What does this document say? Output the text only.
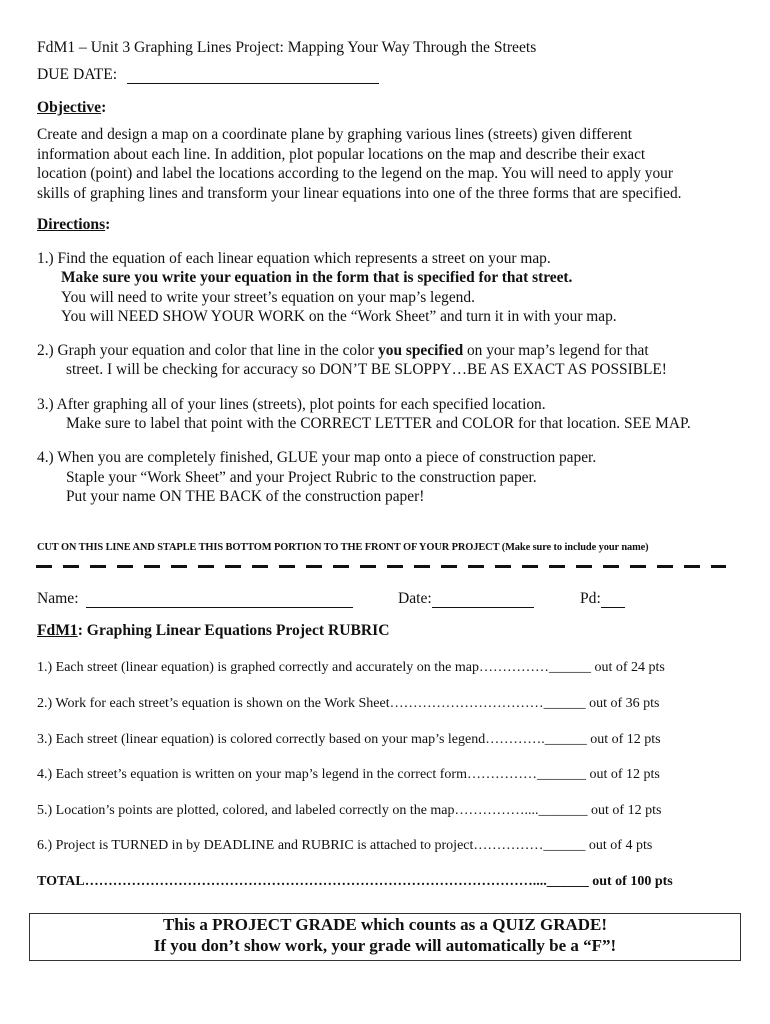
FdM1 – Unit 3 Graphing Lines Project: Mapping Your Way Through the Streets
DUE DATE:
Objective:
Create and design a map on a coordinate plane by graphing various lines (streets) given different
information about each line. In addition, plot popular locations on the map and describe their exact
location (point) and label the locations according to the legend on the map. You will need to apply your
skills of graphing lines and transform your linear equations into one of the three forms that are specified.
Directions:
1.) Find the equation of each linear equation which represents a street on your map.
Make sure you write your equation in the form that is specified for that street.
You will need to write your street’s equation on your map’s legend.
You will NEED SHOW YOUR WORK on the “Work Sheet” and turn it in with your map.
2.) Graph your equation and color that line in the color you specified on your map’s legend for that
street. I will be checking for accuracy so DON’T BE SLOPPY…BE AS EXACT AS POSSIBLE!
3.) After graphing all of your lines (streets), plot points for each specified location.
Make sure to label that point with the CORRECT LETTER and COLOR for that location. SEE MAP.
4.) When you are completely finished, GLUE your map onto a piece of construction paper.
Staple your “Work Sheet” and your Project Rubric to the construction paper.
Put your name ON THE BACK of the construction paper!
CUT ON THIS LINE AND STAPLE THIS BOTTOM PORTION TO THE FRONT OF YOUR PROJECT (Make sure to include your name)
Name:	Date:	Pd:
FdM1: Graphing Linear Equations Project RUBRIC
1.) Each street (linear equation) is graphed correctly and accurately on the map……………______ out of 24 pts
2.) Work for each street’s equation is shown on the Work Sheet……………………………______ out of 36 pts
3.) Each street (linear equation) is colored correctly based on your map’s legend………….______ out of 12 pts
4.) Each street’s equation is written on your map’s legend in the correct form……………_______ out of 12 pts
5.) Location’s points are plotted, colored, and labeled correctly on the map……………...._______ out of 12 pts
6.) Project is TURNED in by DEADLINE and RUBRIC is attached to project……………______ out of 4 pts
TOTAL……………………………………………………………………………………....______ out of 100 pts
This a PROJECT GRADE which counts as a QUIZ GRADE!
If you don’t show work, your grade will automatically be a “F”!
